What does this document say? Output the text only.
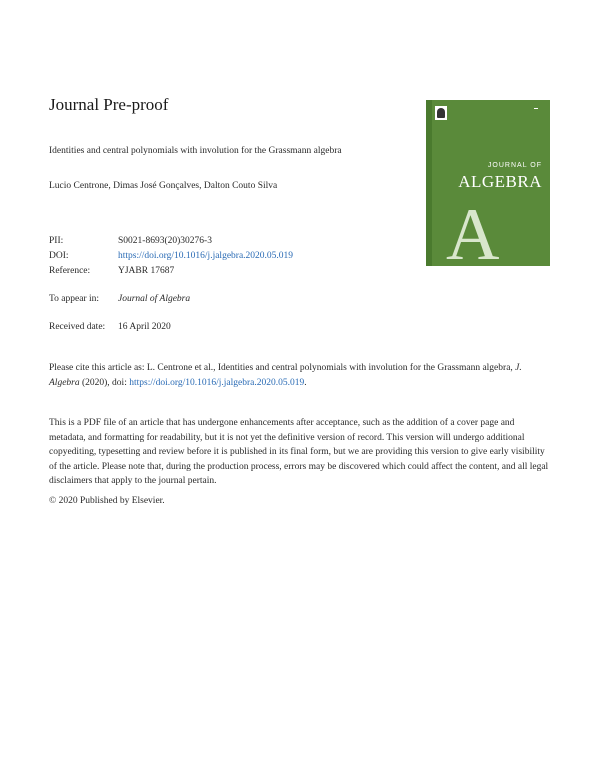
Journal Pre-proof
JOURNAL OF
ALGEBRA
A
Identities and central polynomials with involution for the Grassmann algebra
Lucio Centrone, Dimas José Gonçalves, Dalton Couto Silva
PII:	S0021-8693(20)30276-3
DOI:	https://doi.org/10.1016/j.jalgebra.2020.05.019
Reference:	YJABR 17687
To appear in: Journal of Algebra
Received date: 16 April 2020
Please cite this article as: L. Centrone et al., Identities and central polynomials with involution for the Grassmann algebra, J. Algebra (2020), doi: https://doi.org/10.1016/j.jalgebra.2020.05.019.
This is a PDF file of an article that has undergone enhancements after acceptance, such as the addition of a cover page and metadata, and formatting for readability, but it is not yet the definitive version of record. This version will undergo additional copyediting, typesetting and review before it is published in its final form, but we are providing this version to give early visibility of the article. Please note that, during the production process, errors may be discovered which could affect the content, and all legal disclaimers that apply to the journal pertain.
© 2020 Published by Elsevier.
